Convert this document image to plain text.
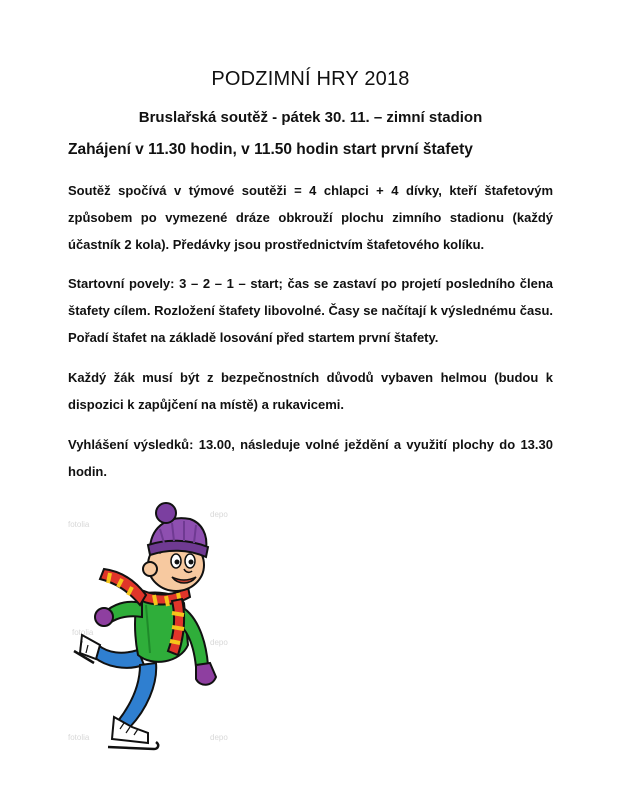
PODZIMNÍ HRY 2018
Bruslařská soutěž - pátek 30. 11. – zimní stadion
Zahájení v 11.30 hodin, v 11.50 hodin start první štafety
Soutěž spočívá v týmové soutěži = 4 chlapci + 4 dívky, kteří štafetovým způsobem po vymezené dráze obkrouží plochu zimního stadionu (každý účastník 2 kola). Předávky jsou prostřednictvím štafetového kolíku.
Startovní povely: 3 – 2 – 1 – start; čas se zastaví po projetí posledního člena štafety cílem. Rozložení štafety libovolné. Časy se načítají k výslednému času. Pořadí štafet na základě losování před startem první štafety.
Každý žák musí být z bezpečnostních důvodů vybaven helmou (budou k dispozici k zapůjčení na místě) a rukavicemi.
Vyhlášení výsledků: 13.00, následuje volné ježdění a využití plochy do 13.30 hodin.
fotolia
depo
fotolia
depo
fotolia	depo
